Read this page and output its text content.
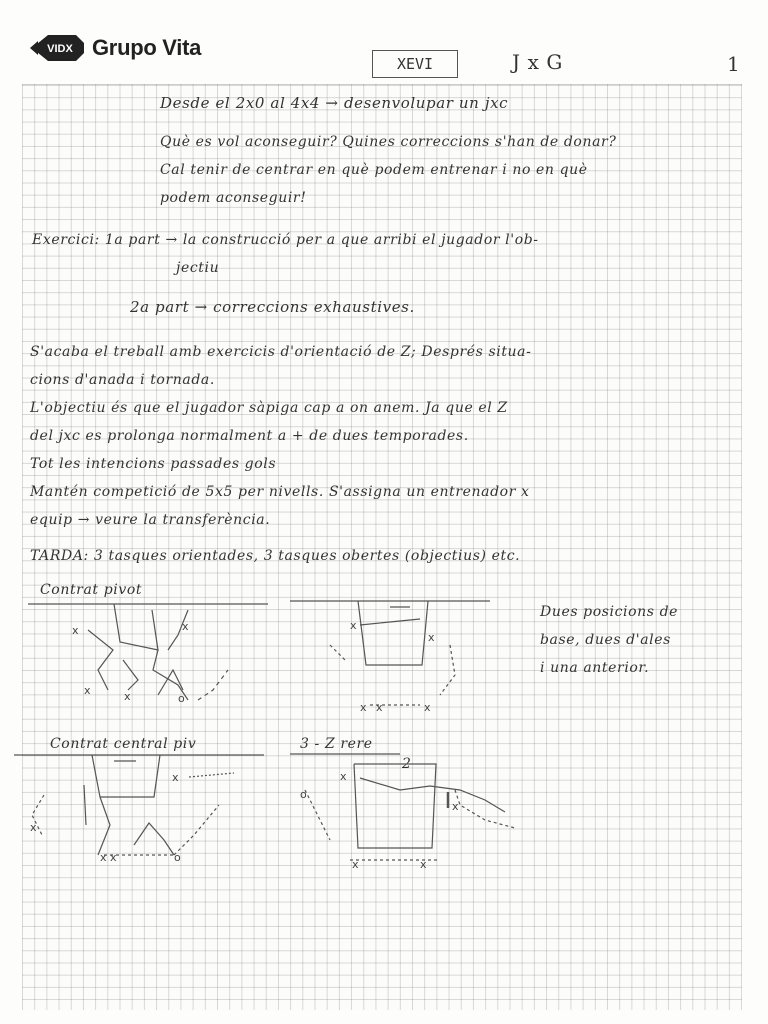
VIDX Grupo Vita
XEVI	J x G	1
Desde el 2x0 al 4x4 → desenvolupar un jxc
Què es vol aconseguir? Quines correccions s'han de donar?
Cal tenir de centrar en què podem entrenar i no en què
podem aconseguir!
Exercici: 1a part → la construcció per a que arribi el jugador l'ob-
jectiu
2a part → correccions exhaustives.
S'acaba el treball amb exercicis d'orientació de Z; Després situa-
cions d'anada i tornada.
L'objectiu és que el jugador sàpiga cap a on anem. Ja que el Z
del jxc es prolonga normalment a + de dues temporades.
Tot les intencions passades gols
Mantén competició de 5x5 per nivells. S'assigna un entrenador x
equip → veure la transferència.
TARDA: 3 tasques orientades, 3 tasques obertes (objectius) etc.
Contrat pivot
Dues posicions de
base, dues d'ales
i una anterior.
Contrat central piv	3 - Z rere
2
x	x
x	x	o
x
x
x x	x
x
x
x x	o
x
o
x
x	x
